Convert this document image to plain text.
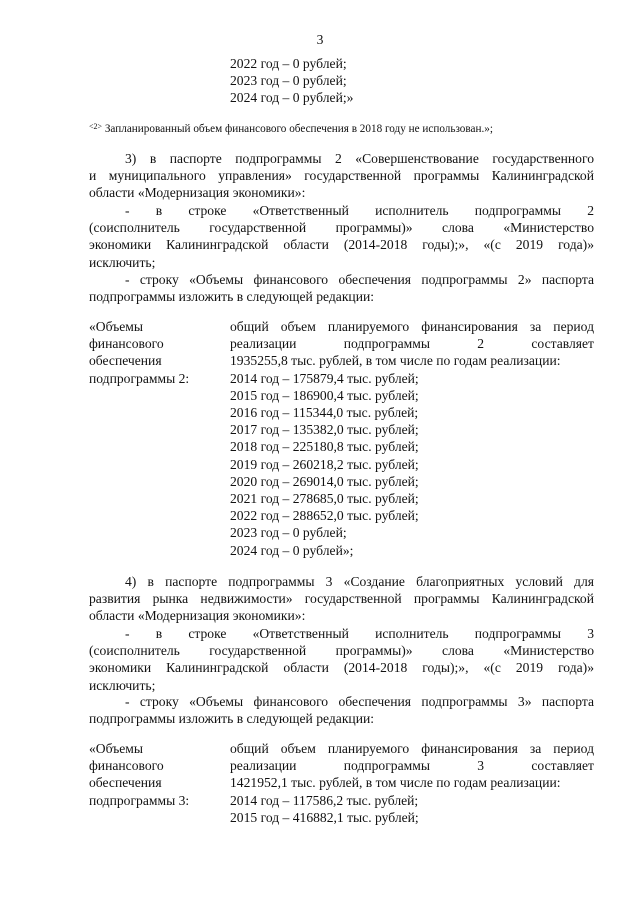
3
2022 год – 0 рублей;
2023 год – 0 рублей;
2024 год – 0 рублей;»
$^{<2>}$ Запланированный объем финансового обеспечения в 2018 году не использован.»;
3) в паспорте подпрограммы 2 «Совершенствование государственного
и муниципального управления» государственной программы Калининградской
области «Модернизация экономики»:
- в строке «Ответственный исполнитель подпрограммы 2
(соисполнитель государственной программы)» слова «Министерство
экономики Калининградской области (2014-2018 годы);», «(с 2019 года)»
исключить;
- строку «Объемы финансового обеспечения подпрограммы 2» паспорта
подпрограммы изложить в следующей редакции:
«Объемы
финансового
обеспечения
подпрограммы 2:
общий объем планируемого финансирования за период
реализации подпрограммы 2 составляет
1935255,8 тыс. рублей, в том числе по годам реализации:
2014 год – 175879,4 тыс. рублей;
2015 год – 186900,4 тыс. рублей;
2016 год – 115344,0 тыс. рублей;
2017 год – 135382,0 тыс. рублей;
2018 год – 225180,8 тыс. рублей;
2019 год – 260218,2 тыс. рублей;
2020 год – 269014,0 тыс. рублей;
2021 год – 278685,0 тыс. рублей;
2022 год – 288652,0 тыс. рублей;
2023 год – 0 рублей;
2024 год – 0 рублей»;
4) в паспорте подпрограммы 3 «Создание благоприятных условий для
развития рынка недвижимости» государственной программы Калининградской
области «Модернизация экономики»:
- в строке «Ответственный исполнитель подпрограммы 3
(соисполнитель государственной программы)» слова «Министерство
экономики Калининградской области (2014-2018 годы);», «(с 2019 года)»
исключить;
- строку «Объемы финансового обеспечения подпрограммы 3» паспорта
подпрограммы изложить в следующей редакции:
«Объемы
финансового
обеспечения
подпрограммы 3:
общий объем планируемого финансирования за период
реализации подпрограммы 3 составляет
1421952,1 тыс. рублей, в том числе по годам реализации:
2014 год – 117586,2 тыс. рублей;
2015 год – 416882,1 тыс. рублей;
